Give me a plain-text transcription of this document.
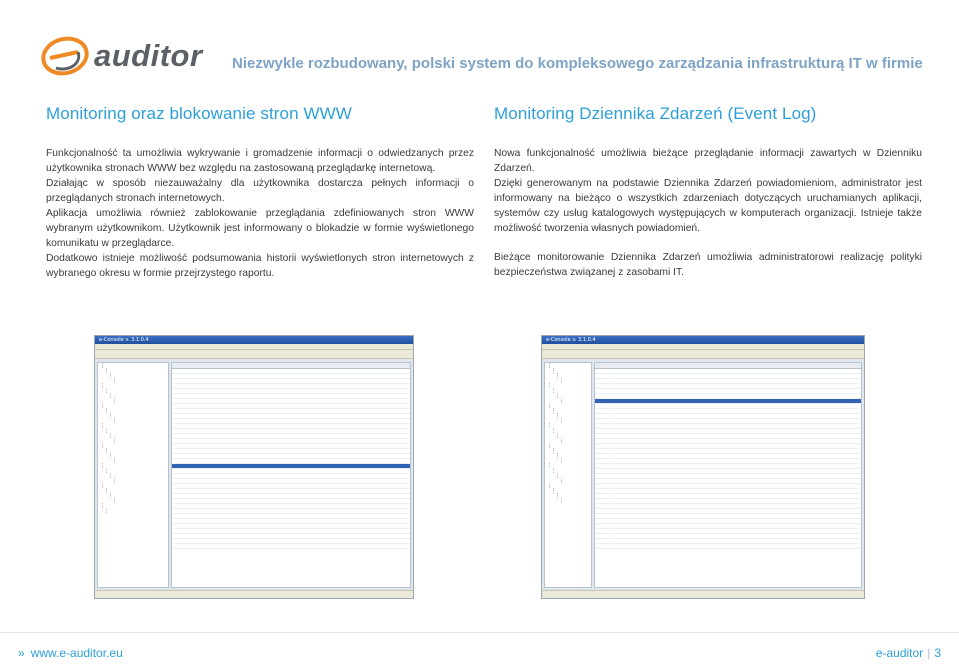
auditor Niezwykle rozbudowany, polski system do kompleksowego zarządzania infrastrukturą IT w firmie
Monitoring oraz blokowanie stron WWW

Funkcjonalność ta umożliwia wykrywanie i gromadzenie informacji o odwiedzanych przez użytkownika stronach WWW bez względu na zastosowaną przeglądarkę internetową.

Działając w sposób niezauważalny dla użytkownika dostarcza pełnych informacji o przeglądanych stronach internetowych.

Aplikacja umożliwia również zablokowanie przeglądania zdefiniowanych stron WWW wybranym użytkownikom. Użytkownik jest informowany o blokadzie w formie wyświetlonego komunikatu w przeglądarce.

Dodatkowo istnieje możliwość podsumowania historii wyświetlonych stron internetowych z wybranego okresu w formie przejrzystego raportu.

Monitoring Dziennika Zdarzeń (Event Log)

Nowa funkcjonalność umożliwia bieżące przeglądanie informacji zawartych w Dzienniku Zdarzeń.

Dzięki generowanym na podstawie Dziennika Zdarzeń powiadomieniom, administrator jest informowany na bieżąco o wszystkich zdarzeniach dotyczących uruchamianych aplikacji, systemów czy usług katalogowych występujących w komputerach organizacji. Istnieje także możliwość tworzenia własnych powiadomień.

Bieżące monitorowanie Dziennika Zdarzeń umożliwia administratorowi realizację polityki bezpieczeństwa związanej z zasobami IT.

e-Console v. 3.1.0.4	e-Console v. 3.1.0.4
» www.e-auditor.eu	e-auditor | 3
